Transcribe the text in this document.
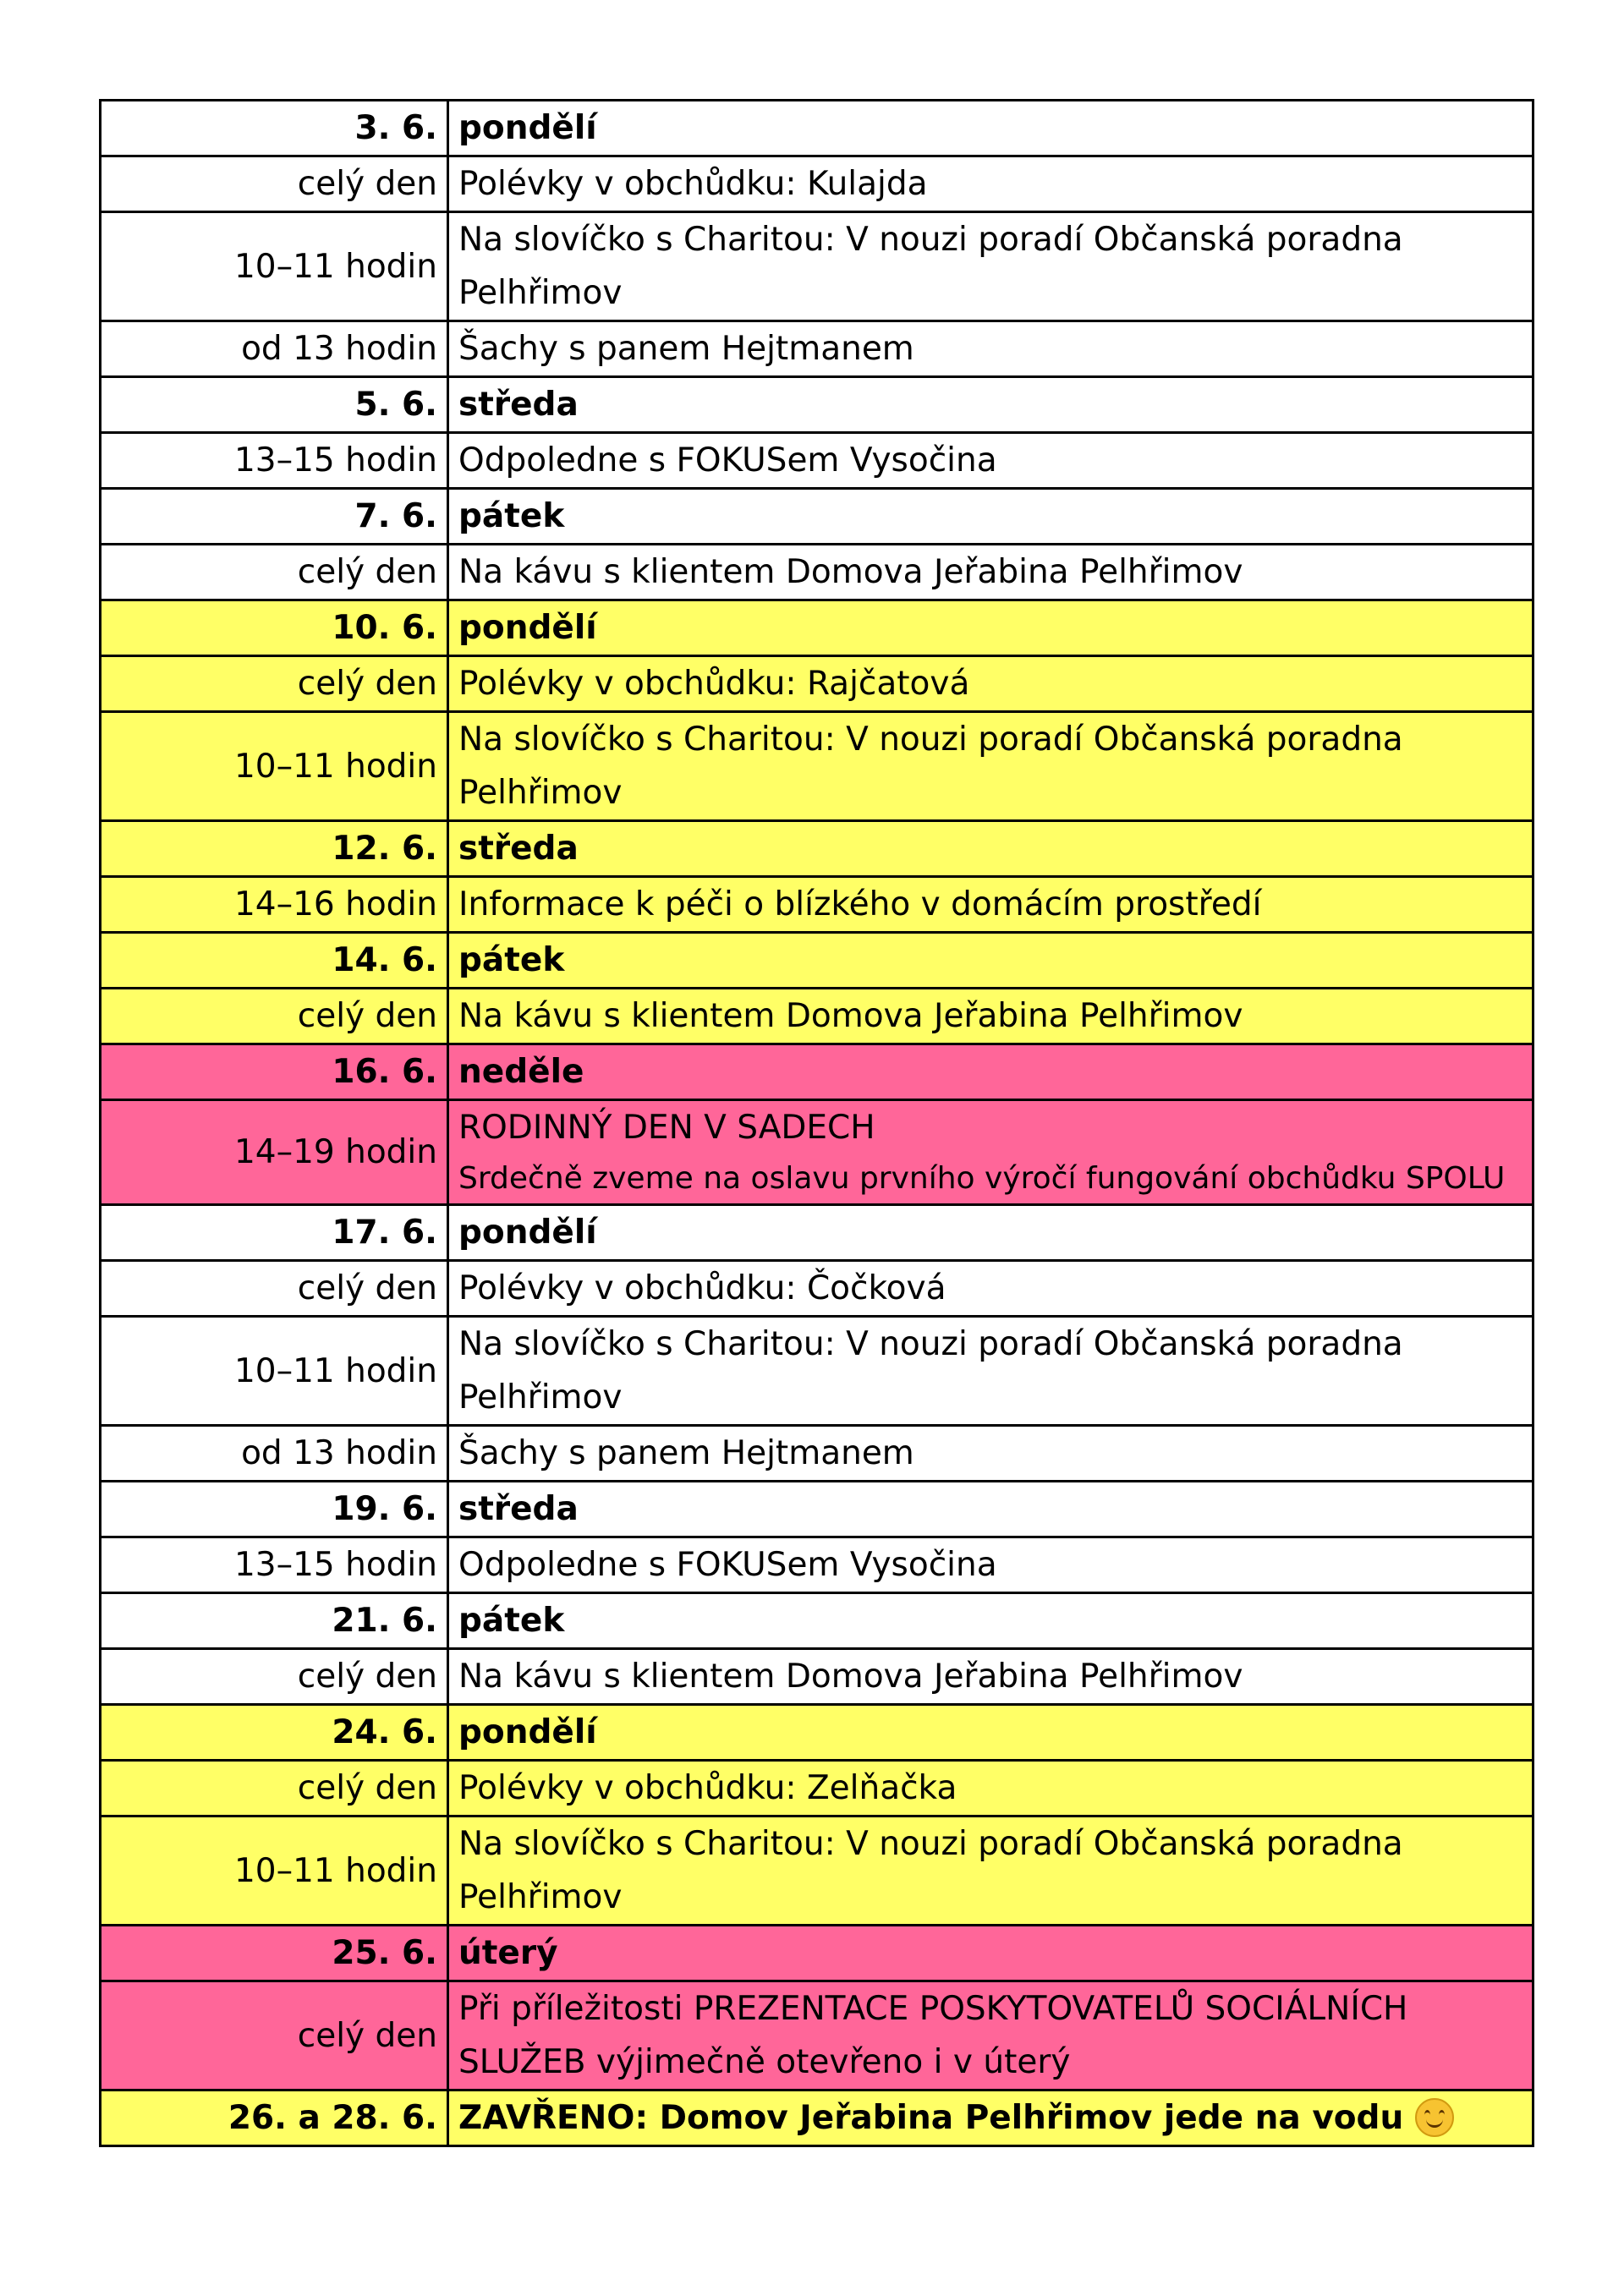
3. 6.	pondělí
celý den	Polévky v obchůdku: Kulajda
10–11 hodin	Na slovíčko s Charitou: V nouzi poradí Občanská poradna Pelhřimov
od 13 hodin	Šachy s panem Hejtmanem
5. 6.	středa
13–15 hodin	Odpoledne s FOKUSem Vysočina
7. 6.	pátek
celý den	Na kávu s klientem Domova Jeřabina Pelhřimov
10. 6.	pondělí
celý den	Polévky v obchůdku: Rajčatová
10–11 hodin	Na slovíčko s Charitou: V nouzi poradí Občanská poradna Pelhřimov
12. 6.	středa
14–16 hodin	Informace k péči o blízkého v domácím prostředí
14. 6.	pátek
celý den	Na kávu s klientem Domova Jeřabina Pelhřimov
16. 6.	neděle
14–19 hodin	RODINNÝ DEN V SADECH
Srdečně zveme na oslavu prvního výročí fungování obchůdku SPOLU

17. 6.	pondělí
celý den	Polévky v obchůdku: Čočková
10–11 hodin	Na slovíčko s Charitou: V nouzi poradí Občanská poradna Pelhřimov
od 13 hodin	Šachy s panem Hejtmanem
19. 6.	středa
13–15 hodin	Odpoledne s FOKUSem Vysočina
21. 6.	pátek
celý den	Na kávu s klientem Domova Jeřabina Pelhřimov
24. 6.	pondělí
celý den	Polévky v obchůdku: Zelňačka
10–11 hodin	Na slovíčko s Charitou: V nouzi poradí Občanská poradna Pelhřimov
25. 6.	úterý
celý den	Při příležitosti PREZENTACE POSKYTOVATELŮ SOCIÁLNÍCH SLUŽEB výjimečně otevřeno i v úterý
26. a 28. 6.	ZAVŘENO: Domov Jeřabina Pelhřimov jede na vodu
